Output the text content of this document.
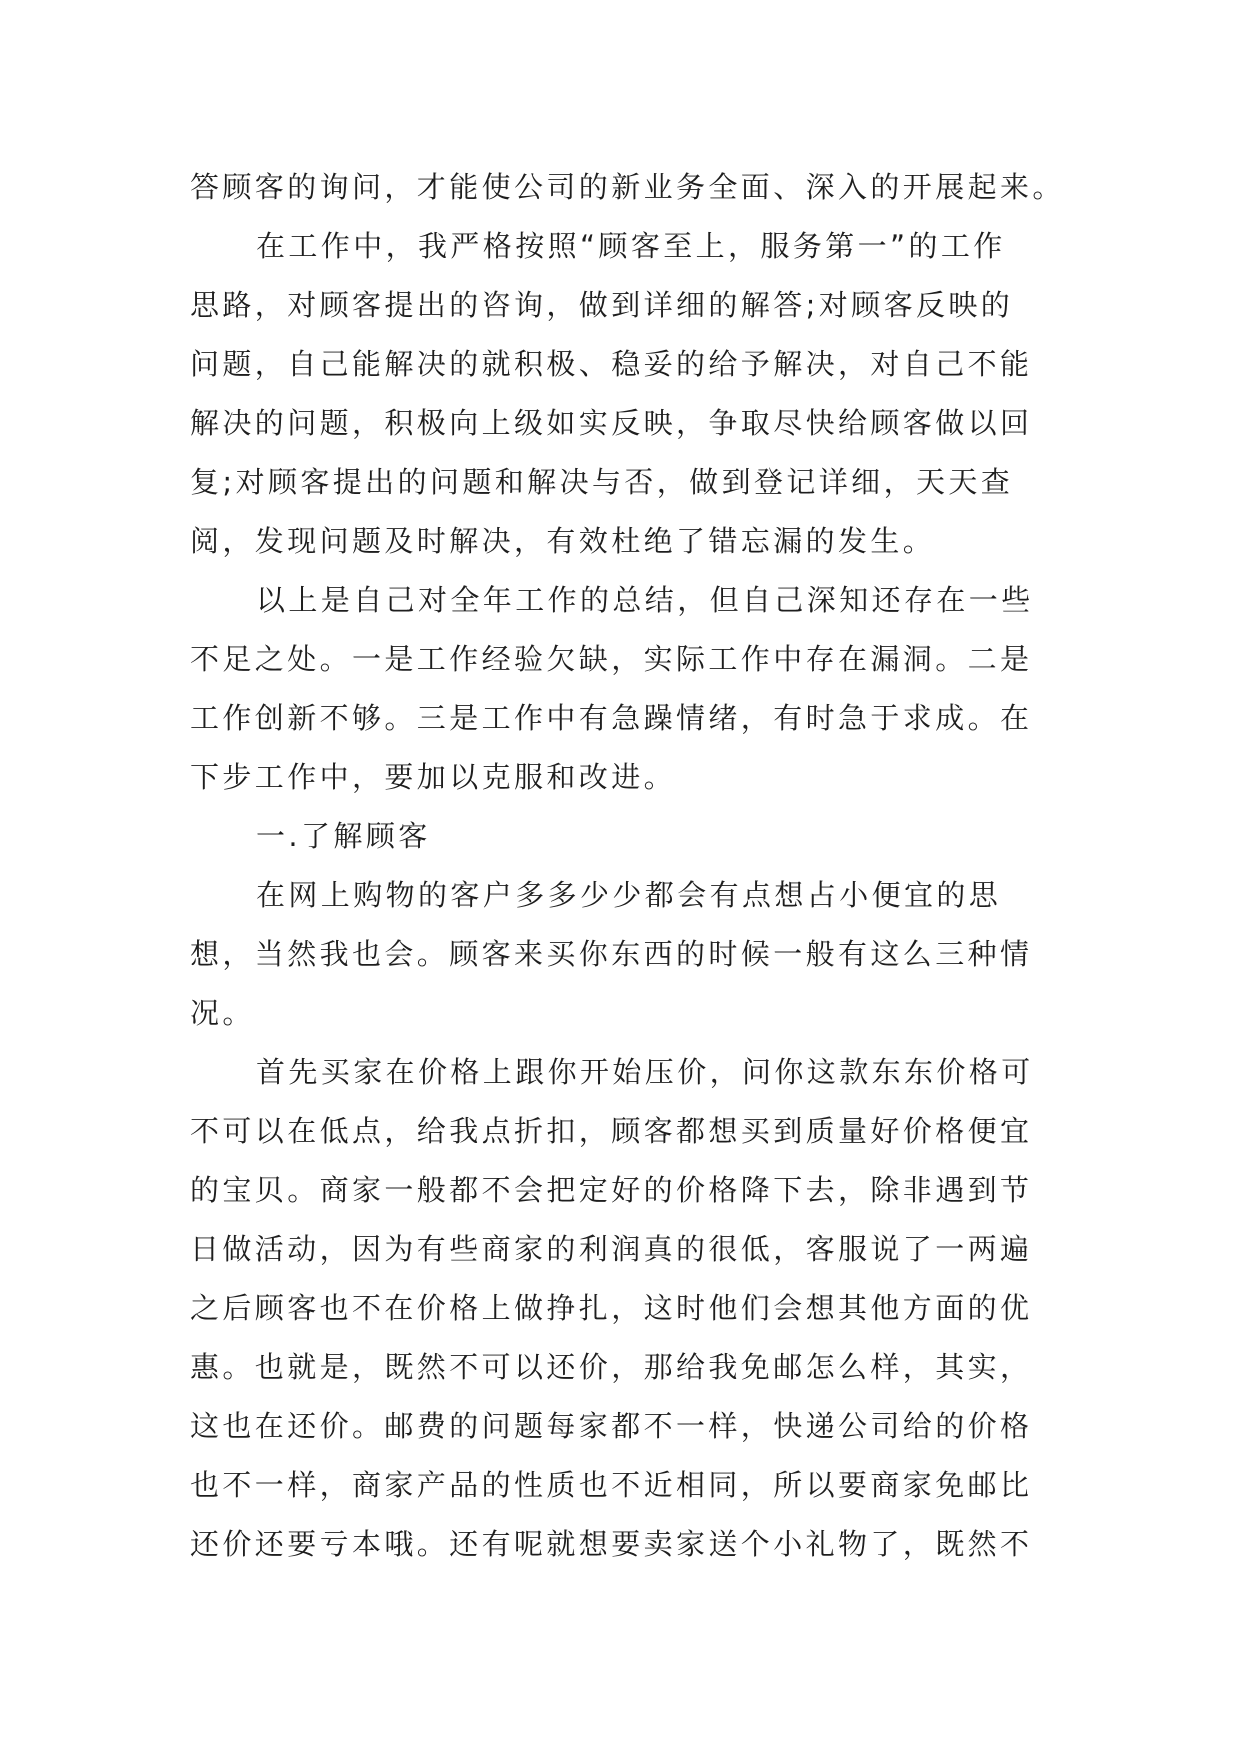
答顾客的询问，才能使公司的新业务全面、深入的开展起来。
在工作中，我严格按照“顾客至上，服务第一”的工作
思路，对顾客提出的咨询，做到详细的解答;对顾客反映的
问题，自己能解决的就积极、稳妥的给予解决，对自己不能
解决的问题，积极向上级如实反映，争取尽快给顾客做以回
复;对顾客提出的问题和解决与否，做到登记详细，天天查
阅，发现问题及时解决，有效杜绝了错忘漏的发生。
以上是自己对全年工作的总结，但自己深知还存在一些
不足之处。一是工作经验欠缺，实际工作中存在漏洞。二是
工作创新不够。三是工作中有急躁情绪，有时急于求成。在
下步工作中，要加以克服和改进。
一.了解顾客
在网上购物的客户多多少少都会有点想占小便宜的思
想，当然我也会。顾客来买你东西的时候一般有这么三种情
况。
首先买家在价格上跟你开始压价，问你这款东东价格可
不可以在低点，给我点折扣，顾客都想买到质量好价格便宜
的宝贝。商家一般都不会把定好的价格降下去，除非遇到节
日做活动，因为有些商家的利润真的很低，客服说了一两遍
之后顾客也不在价格上做挣扎，这时他们会想其他方面的优
惠。也就是，既然不可以还价，那给我免邮怎么样，其实，
这也在还价。邮费的问题每家都不一样，快递公司给的价格
也不一样，商家产品的性质也不近相同，所以要商家免邮比
还价还要亏本哦。还有呢就想要卖家送个小礼物了，既然不
